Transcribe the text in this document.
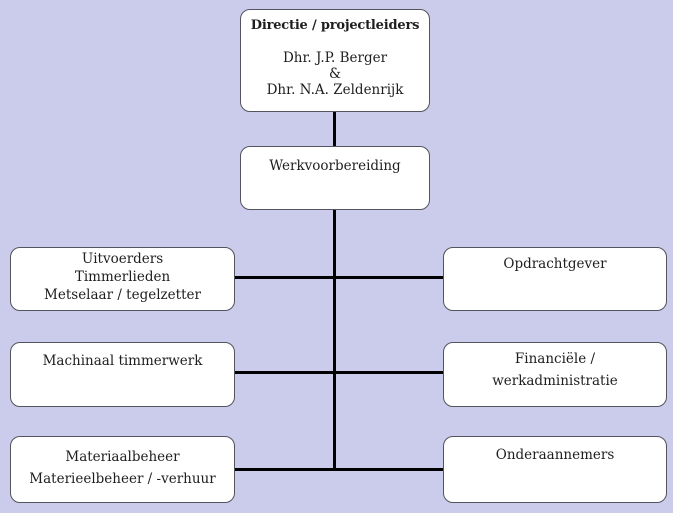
Directie / projectleiders
Dhr. J.P. Berger
&
Dhr. N.A. Zeldenrijk
Werkvoorbereiding
Uitvoerders
Timmerlieden
Metselaar / tegelzetter
Machinaal timmerwerk
Materiaalbeheer
Materieelbeheer / -verhuur
Opdrachtgever
Financiële /
werkadministratie
Onderaannemers
